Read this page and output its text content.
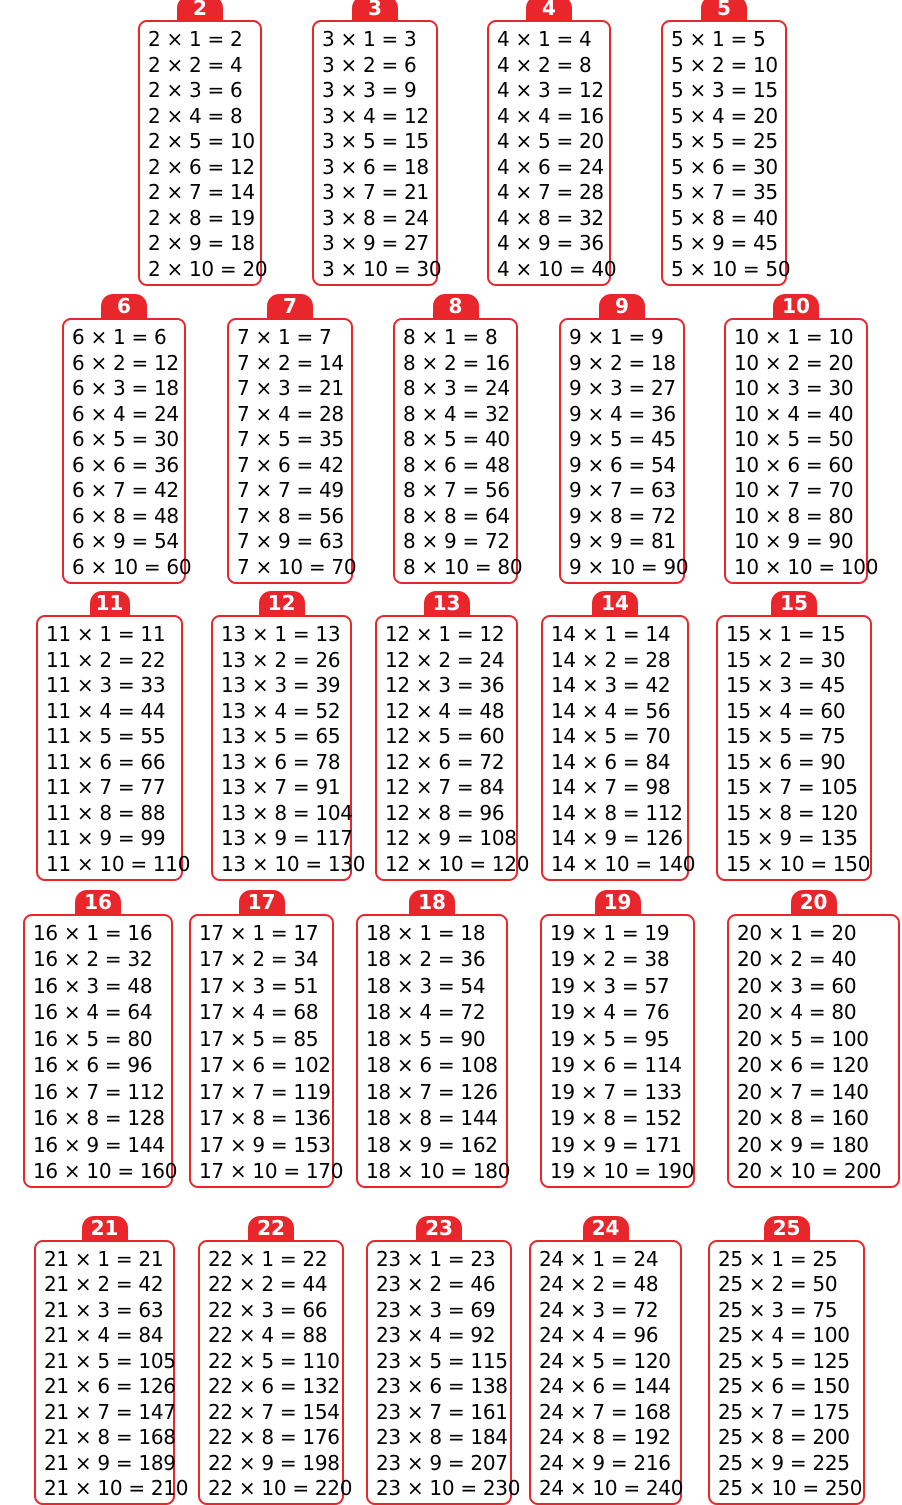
2
2 × 1 = 2
2 × 2 = 4
2 × 3 = 6
2 × 4 = 8
2 × 5 = 10
2 × 6 = 12
2 × 7 = 14
2 × 8 = 19
2 × 9 = 18
2 × 10 = 20
3
3 × 1 = 3
3 × 2 = 6
3 × 3 = 9
3 × 4 = 12
3 × 5 = 15
3 × 6 = 18
3 × 7 = 21
3 × 8 = 24
3 × 9 = 27
3 × 10 = 30
4
4 × 1 = 4
4 × 2 = 8
4 × 3 = 12
4 × 4 = 16
4 × 5 = 20
4 × 6 = 24
4 × 7 = 28
4 × 8 = 32
4 × 9 = 36
4 × 10 = 40
5
5 × 1 = 5
5 × 2 = 10
5 × 3 = 15
5 × 4 = 20
5 × 5 = 25
5 × 6 = 30
5 × 7 = 35
5 × 8 = 40
5 × 9 = 45
5 × 10 = 50
6
6 × 1 = 6
6 × 2 = 12
6 × 3 = 18
6 × 4 = 24
6 × 5 = 30
6 × 6 = 36
6 × 7 = 42
6 × 8 = 48
6 × 9 = 54
6 × 10 = 60
7
7 × 1 = 7
7 × 2 = 14
7 × 3 = 21
7 × 4 = 28
7 × 5 = 35
7 × 6 = 42
7 × 7 = 49
7 × 8 = 56
7 × 9 = 63
7 × 10 = 70
8
8 × 1 = 8
8 × 2 = 16
8 × 3 = 24
8 × 4 = 32
8 × 5 = 40
8 × 6 = 48
8 × 7 = 56
8 × 8 = 64
8 × 9 = 72
8 × 10 = 80
9
9 × 1 = 9
9 × 2 = 18
9 × 3 = 27
9 × 4 = 36
9 × 5 = 45
9 × 6 = 54
9 × 7 = 63
9 × 8 = 72
9 × 9 = 81
9 × 10 = 90
10
10 × 1 = 10
10 × 2 = 20
10 × 3 = 30
10 × 4 = 40
10 × 5 = 50
10 × 6 = 60
10 × 7 = 70
10 × 8 = 80
10 × 9 = 90
10 × 10 = 100
11
11 × 1 = 11
11 × 2 = 22
11 × 3 = 33
11 × 4 = 44
11 × 5 = 55
11 × 6 = 66
11 × 7 = 77
11 × 8 = 88
11 × 9 = 99
11 × 10 = 110
12
13 × 1 = 13
13 × 2 = 26
13 × 3 = 39
13 × 4 = 52
13 × 5 = 65
13 × 6 = 78
13 × 7 = 91
13 × 8 = 104
13 × 9 = 117
13 × 10 = 130
13
12 × 1 = 12
12 × 2 = 24
12 × 3 = 36
12 × 4 = 48
12 × 5 = 60
12 × 6 = 72
12 × 7 = 84
12 × 8 = 96
12 × 9 = 108
12 × 10 = 120
14
14 × 1 = 14
14 × 2 = 28
14 × 3 = 42
14 × 4 = 56
14 × 5 = 70
14 × 6 = 84
14 × 7 = 98
14 × 8 = 112
14 × 9 = 126
14 × 10 = 140
15
15 × 1 = 15
15 × 2 = 30
15 × 3 = 45
15 × 4 = 60
15 × 5 = 75
15 × 6 = 90
15 × 7 = 105
15 × 8 = 120
15 × 9 = 135
15 × 10 = 150
16
16 × 1 = 16
16 × 2 = 32
16 × 3 = 48
16 × 4 = 64
16 × 5 = 80
16 × 6 = 96
16 × 7 = 112
16 × 8 = 128
16 × 9 = 144
16 × 10 = 160
17
17 × 1 = 17
17 × 2 = 34
17 × 3 = 51
17 × 4 = 68
17 × 5 = 85
17 × 6 = 102
17 × 7 = 119
17 × 8 = 136
17 × 9 = 153
17 × 10 = 170
18
18 × 1 = 18
18 × 2 = 36
18 × 3 = 54
18 × 4 = 72
18 × 5 = 90
18 × 6 = 108
18 × 7 = 126
18 × 8 = 144
18 × 9 = 162
18 × 10 = 180
19
19 × 1 = 19
19 × 2 = 38
19 × 3 = 57
19 × 4 = 76
19 × 5 = 95
19 × 6 = 114
19 × 7 = 133
19 × 8 = 152
19 × 9 = 171
19 × 10 = 190
20
20 × 1 = 20
20 × 2 = 40
20 × 3 = 60
20 × 4 = 80
20 × 5 = 100
20 × 6 = 120
20 × 7 = 140
20 × 8 = 160
20 × 9 = 180
20 × 10 = 200
21
21 × 1 = 21
21 × 2 = 42
21 × 3 = 63
21 × 4 = 84
21 × 5 = 105
21 × 6 = 126
21 × 7 = 147
21 × 8 = 168
21 × 9 = 189
21 × 10 = 210
22
22 × 1 = 22
22 × 2 = 44
22 × 3 = 66
22 × 4 = 88
22 × 5 = 110
22 × 6 = 132
22 × 7 = 154
22 × 8 = 176
22 × 9 = 198
22 × 10 = 220
23
23 × 1 = 23
23 × 2 = 46
23 × 3 = 69
23 × 4 = 92
23 × 5 = 115
23 × 6 = 138
23 × 7 = 161
23 × 8 = 184
23 × 9 = 207
23 × 10 = 230
24
24 × 1 = 24
24 × 2 = 48
24 × 3 = 72
24 × 4 = 96
24 × 5 = 120
24 × 6 = 144
24 × 7 = 168
24 × 8 = 192
24 × 9 = 216
24 × 10 = 240
25
25 × 1 = 25
25 × 2 = 50
25 × 3 = 75
25 × 4 = 100
25 × 5 = 125
25 × 6 = 150
25 × 7 = 175
25 × 8 = 200
25 × 9 = 225
25 × 10 = 250
